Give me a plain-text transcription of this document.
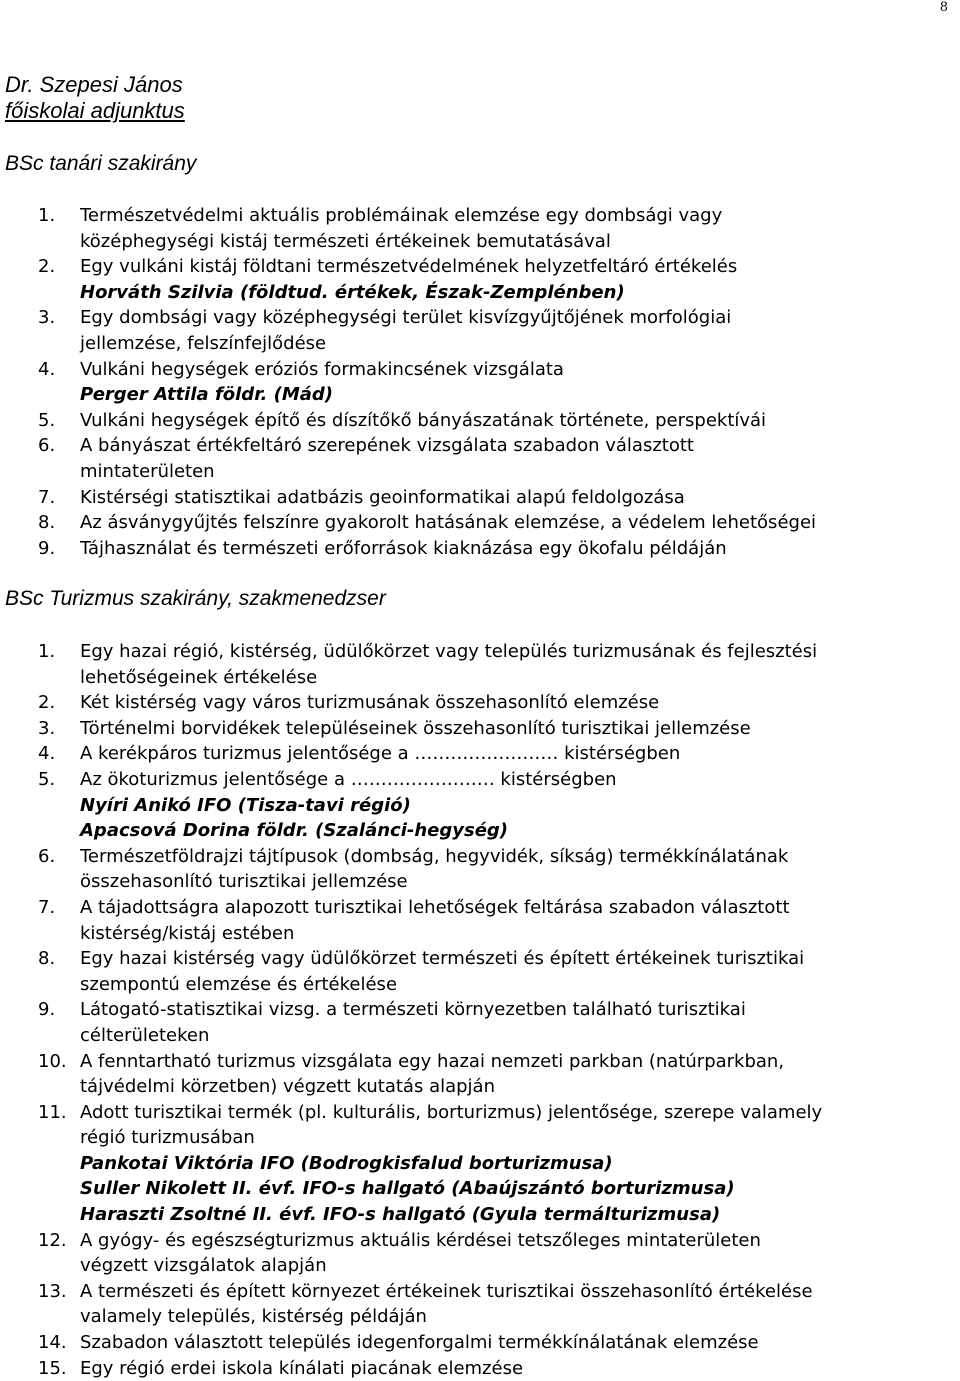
8
Dr. Szepesi János
főiskolai adjunktus
BSc tanári szakirány
1. Természetvédelmi aktuális problémáinak elemzése egy dombsági vagy
középhegységi kistáj természeti értékeinek bemutatásával
2. Egy vulkáni kistáj földtani természetvédelmének helyzetfeltáró értékelés
Horváth Szilvia (földtud. értékek, Észak-Zemplénben)
3. Egy dombsági vagy középhegységi terület kisvízgyűjtőjének morfológiai
jellemzése, felszínfejlődése
4. Vulkáni hegységek eróziós formakincsének vizsgálata
Perger Attila földr. (Mád)
5. Vulkáni hegységek építő és díszítőkő bányászatának története, perspektívái
6. A bányászat értékfeltáró szerepének vizsgálata szabadon választott
mintaterületen
7. Kistérségi statisztikai adatbázis geoinformatikai alapú feldolgozása
8. Az ásványgyűjtés felszínre gyakorolt hatásának elemzése, a védelem lehetőségei
9. Tájhasználat és természeti erőforrások kiaknázása egy ökofalu példáján
BSc Turizmus szakirány, szakmenedzser
1. Egy hazai régió, kistérség, üdülőkörzet vagy település turizmusának és fejlesztési
lehetőségeinek értékelése
2. Két kistérség vagy város turizmusának összehasonlító elemzése
3. Történelmi borvidékek településeinek összehasonlító turisztikai jellemzése
4. A kerékpáros turizmus jelentősége a …………………… kistérségben
5. Az ökoturizmus jelentősége a …………………… kistérségben
Nyíri Anikó IFO (Tisza-tavi régió)
Apacsová Dorina földr. (Szalánci-hegység)
6. Természetföldrajzi tájtípusok (dombság, hegyvidék, síkság) termékkínálatának
összehasonlító turisztikai jellemzése
7. A tájadottságra alapozott turisztikai lehetőségek feltárása szabadon választott
kistérség/kistáj estében
8. Egy hazai kistérség vagy üdülőkörzet természeti és épített értékeinek turisztikai
szempontú elemzése és értékelése
9. Látogató-statisztikai vizsg. a természeti környezetben található turisztikai
célterületeken
10. A fenntartható turizmus vizsgálata egy hazai nemzeti parkban (natúrparkban,
tájvédelmi körzetben) végzett kutatás alapján
11. Adott turisztikai termék (pl. kulturális, borturizmus) jelentősége, szerepe valamely
régió turizmusában
Pankotai Viktória IFO (Bodrogkisfalud borturizmusa)
Suller Nikolett II. évf. IFO-s hallgató (Abaújszántó borturizmusa)
Haraszti Zsoltné II. évf. IFO-s hallgató (Gyula termálturizmusa)
12. A gyógy- és egészségturizmus aktuális kérdései tetszőleges mintaterületen
végzett vizsgálatok alapján
13. A természeti és épített környezet értékeinek turisztikai összehasonlító értékelése
valamely település, kistérség példáján
14. Szabadon választott település idegenforgalmi termékkínálatának elemzése
15. Egy régió erdei iskola kínálati piacának elemzése
